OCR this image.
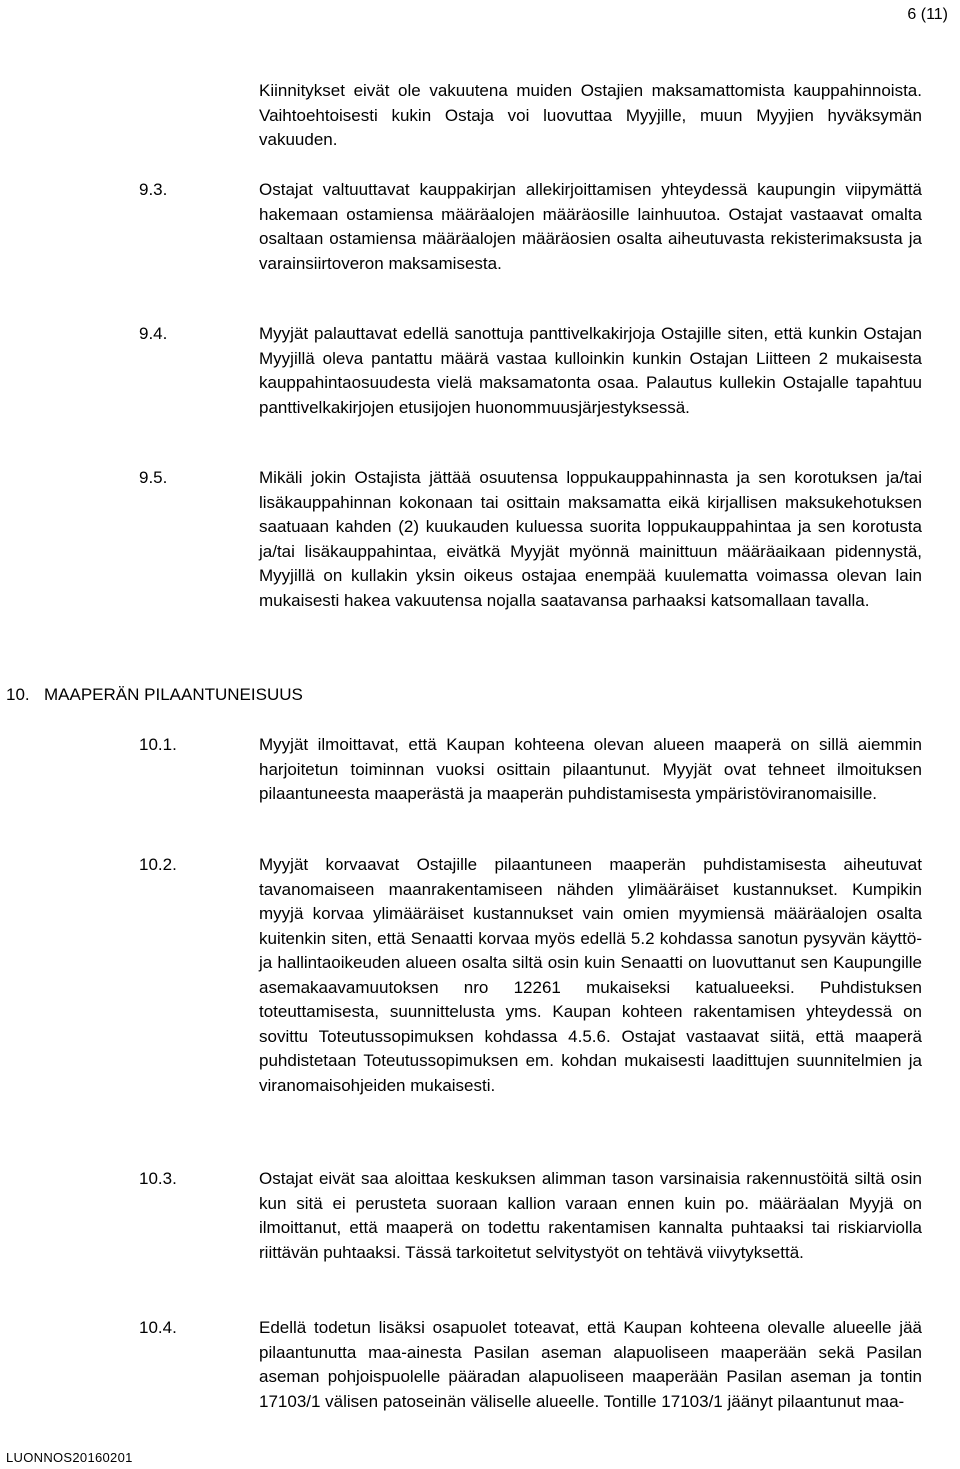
6 (11)
Kiinnitykset eivät ole vakuutena muiden Ostajien maksamattomista kauppahinnoista. Vaihtoehtoisesti kukin Ostaja voi luovuttaa Myyjille, muun Myyjien hyväksymän vakuuden.
9.3.	Ostajat valtuuttavat kauppakirjan allekirjoittamisen yhteydessä kaupungin viipymättä hakemaan ostamiensa määräalojen määräosille lainhuutoa. Ostajat vastaavat omalta osaltaan ostamiensa määräalojen määräosien osalta aiheutuvasta rekisterimaksusta ja varainsiirtoveron maksamisesta.
9.4.	Myyjät palauttavat edellä sanottuja panttivelkakirjoja Ostajille siten, että kunkin Ostajan Myyjillä oleva pantattu määrä vastaa kulloinkin kunkin Ostajan Liitteen 2 mukaisesta kauppahintaosuudesta vielä maksamatonta osaa. Palautus kullekin Ostajalle tapahtuu panttivelkakirjojen etusijojen huonommuusjärjestyksessä.
9.5.	Mikäli jokin Ostajista jättää osuutensa loppukauppahinnasta ja sen korotuksen ja/tai lisäkauppahinnan kokonaan tai osittain maksamatta eikä kirjallisen maksukehotuksen saatuaan kahden (2) kuukauden kuluessa suorita loppukauppahintaa ja sen korotusta ja/tai lisäkauppahintaa, eivätkä Myyjät myönnä mainittuun määräaikaan pidennystä, Myyjillä on kullakin yksin oikeus ostajaa enempää kuulematta voimassa olevan lain mukaisesti hakea vakuutensa nojalla saatavansa parhaaksi katsomallaan tavalla.
10. MAAPERÄN PILAANTUNEISUUS
10.1.	Myyjät ilmoittavat, että Kaupan kohteena olevan alueen maaperä on sillä aiemmin harjoitetun toiminnan vuoksi osittain pilaantunut. Myyjät ovat tehneet ilmoituksen pilaantuneesta maaperästä ja maaperän puhdistamisesta ympäristöviranomaisille.
10.2.	Myyjät korvaavat Ostajille pilaantuneen maaperän puhdistamisesta aiheutuvat tavanomaiseen maanrakentamiseen nähden ylimääräiset kustannukset. Kumpikin myyjä korvaa ylimääräiset kustannukset vain omien myymiensä määräalojen osalta kuitenkin siten, että Senaatti korvaa myös edellä 5.2 kohdassa sanotun pysyvän käyttö- ja hallintaoikeuden alueen osalta siltä osin kuin Senaatti on luovuttanut sen Kaupungille asemakaavamuutoksen nro 12261 mukaiseksi katualueeksi. Puhdistuksen toteuttamisesta, suunnittelusta yms. Kaupan kohteen rakentamisen yhteydessä on sovittu Toteutussopimuksen kohdassa 4.5.6. Ostajat vastaavat siitä, että maaperä puhdistetaan Toteutussopimuksen em. kohdan mukaisesti laadittujen suunnitelmien ja viranomaisohjeiden mukaisesti.
10.3.	Ostajat eivät saa aloittaa keskuksen alimman tason varsinaisia rakennustöitä siltä osin kun sitä ei perusteta suoraan kallion varaan ennen kuin po. määräalan Myyjä on ilmoittanut, että maaperä on todettu rakentamisen kannalta puhtaaksi tai riskiarviolla riittävän puhtaaksi. Tässä tarkoitetut selvitystyöt on tehtävä viivytyksettä.
10.4.	Edellä todetun lisäksi osapuolet toteavat, että Kaupan kohteena olevalle alueelle jää pilaantunutta maa-ainesta Pasilan aseman alapuoliseen maaperään sekä Pasilan aseman pohjoispuolelle pääradan alapuoliseen maaperään Pasilan aseman ja tontin 17103/1 välisen patoseinän väliselle alueelle. Tontille 17103/1 jäänyt pilaantunut maa-
LUONNOS20160201
